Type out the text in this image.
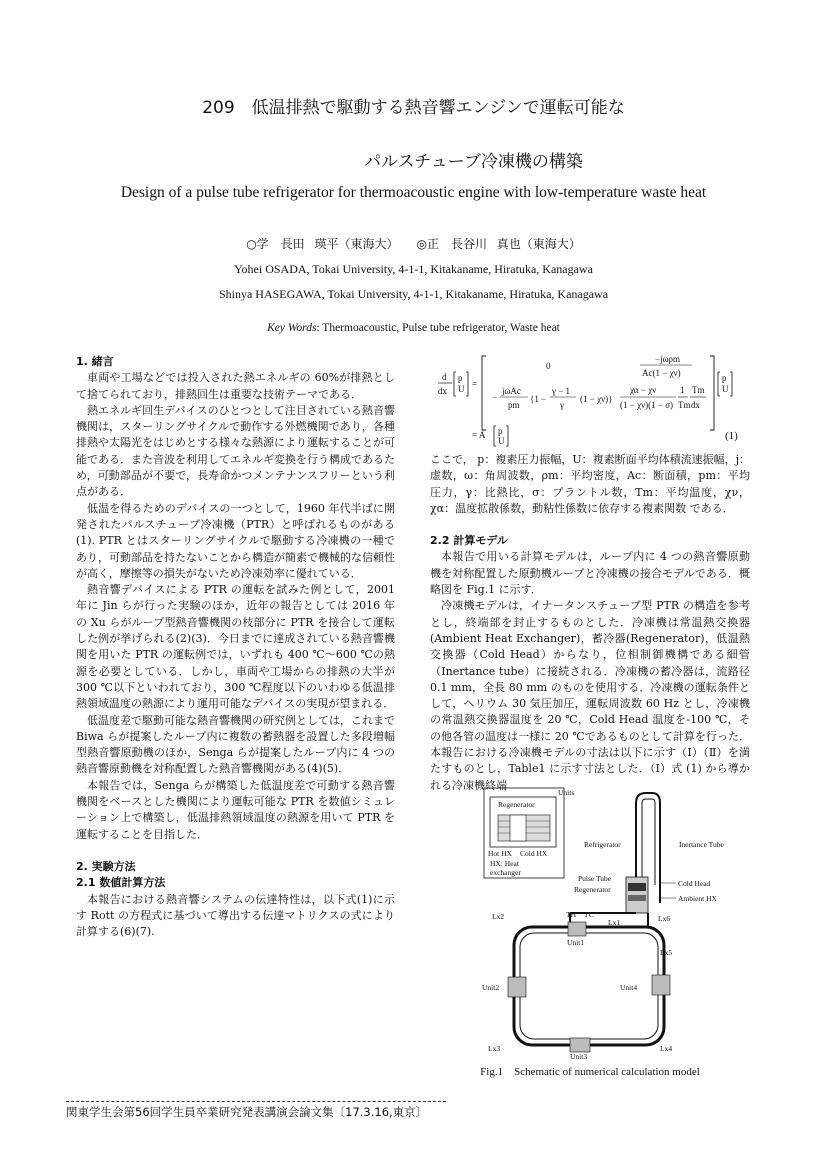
209　低温排熱で駆動する熱音響エンジンで運転可能な
パルスチューブ冷凍機の構築
Design of a pulse tube refrigerator for thermoacoustic engine with low-temperature waste heat
○学　長田 瑛平（東海大）　　◎正　長谷川 真也（東海大）
Yohei OSADA, Tokai University, 4-1-1, Kitakaname, Hiratuka, Kanagawa
Shinya HASEGAWA, Tokai University, 4-1-1, Kitakaname, Hiratuka, Kanagawa
Key Words: Thermoacoustic, Pulse tube refrigerator, Waste heat
1. 緒言

車両や工場などでは投入された熱エネルギの 60%が排熱として捨てられており，排熱回生は重要な技術テーマである．

熱エネルギ回生デバイスのひとつとして注目されている熱音響機関は，スターリングサイクルで動作する外燃機関であり，各種排熱や太陽光をはじめとする様々な熱源により運転することが可能である．また音波を利用してエネルギ変換を行う構成であるため，可動部品が不要で，長寿命かつメンテナンスフリーという利点がある．

低温を得るためのデバイスの一つとして，1960 年代半ばに開発されたパルスチューブ冷凍機（PTR）と呼ばれるものがある(1). PTR とはスターリングサイクルで駆動する冷凍機の一種であり，可動部品を持たないことから構造が簡素で機械的な信頼性が高く，摩擦等の損失がないため冷凍効率に優れている．

熱音響デバイスによる PTR の運転を試みた例として，2001 年に Jin らが行った実験のほか，近年の報告としては 2016 年の Xu らがループ型熱音響機関の枝部分に PTR を接合して運転した例が挙げられる(2)(3)．今日までに達成されている熱音響機関を用いた PTR の運転例では，いずれも 400 ℃～600 ℃の熱源を必要としている．しかし，車両や工場からの排熱の大半が 300 ℃以下といわれており，300 ℃程度以下のいわゆる低温排熱領域温度の熱源により運用可能なデバイスの実現が望まれる．

低温度差で駆動可能な熱音響機関の研究例としては，これまで Biwa らが提案したループ内に複数の蓄熱器を設置した多段増幅型熱音響原動機のほか，Senga らが提案したループ内に 4 つの熱音響原動機を対称配置した熱音響機関がある(4)(5)．

本報告では，Senga らが構築した低温度差で可動する熱音響機関をベースとした機関により運転可能な PTR を数値シミュレーション上で構築し，低温排熱領域温度の熱源を用いて PTR を運転することを目指した．

2. 実験方法
2.1 数値計算方法

本報告における熱音響システムの伝達特性は，以下式(1)に示す Rott の方程式に基づいて導出する伝達マトリクスの式により計算する(6)(7).

d
dx
p
U =
0
−jωρm
Ac(1 − χν)
−
jωAc
pm
{1 −
γ − 1
γ
(1 − χν)}
χα − χν
(1 − χν)(1 − σ)
1
Tm
Tm
dx
p
U
= A p
U	(1)
ここで， p：複素圧力振幅，U：複素断面平均体積流速振幅，j：虚数，ω：角周波数，ρm：平均密度，Ac：断面積，pm：平均圧力，γ：比熱比，σ：プラントル数，Tm：平均温度，χν，χα：温度拡散係数，動粘性係数に依存する複素関数 である．
2.2 計算モデル

本報告で用いる計算モデルは，ループ内に 4 つの熱音響原動機を対称配置した原動機ループと冷凍機の接合モデルである．概略図を Fig.1 に示す．

冷凍機モデルは，イナータンスチューブ型 PTR の構造を参考とし，終端部を封止するものとした．冷凍機は常温熱交換器(Ambient Heat Exchanger)，蓄冷器(Regenerator)，低温熱交換器（Cold Head）からなり，位相制御機構である細管（Inertance tube）に接続される．冷凍機の蓄冷器は，流路径 0.1 mm，全長 80 mm のものを使用する．冷凍機の運転条件として，ヘリウム 30 気圧加圧，運転周波数 60 Hz とし，冷凍機の常温熱交換器温度を 20 ℃，Cold Head 温度を-100 ℃，その他各管の温度は一様に 20 ℃であるものとして計算を行った．本報告における冷凍機モデルの寸法は以下に示す（Ⅰ）（Ⅱ）を満たすものとし，Table1 に示す寸法とした．（Ⅰ）式 (1) から導かれる冷凍機終端

Units
Regenerator
Hot HX Cold HX
HX: Heat
exchanger
Refrigerator	Inertance Tube
Pulse Tube
Regenerator
Cold Head
Ambient HX
Unit1
Unit2	Unit4
Unit3
TH TC
Lx1
Lx2
Lx3	Lx4
Lx5
Lx6
Fig.1　Schematic of numerical calculation model
関東学生会第56回学生員卒業研究発表講演会論文集〔17.3.16,東京〕
